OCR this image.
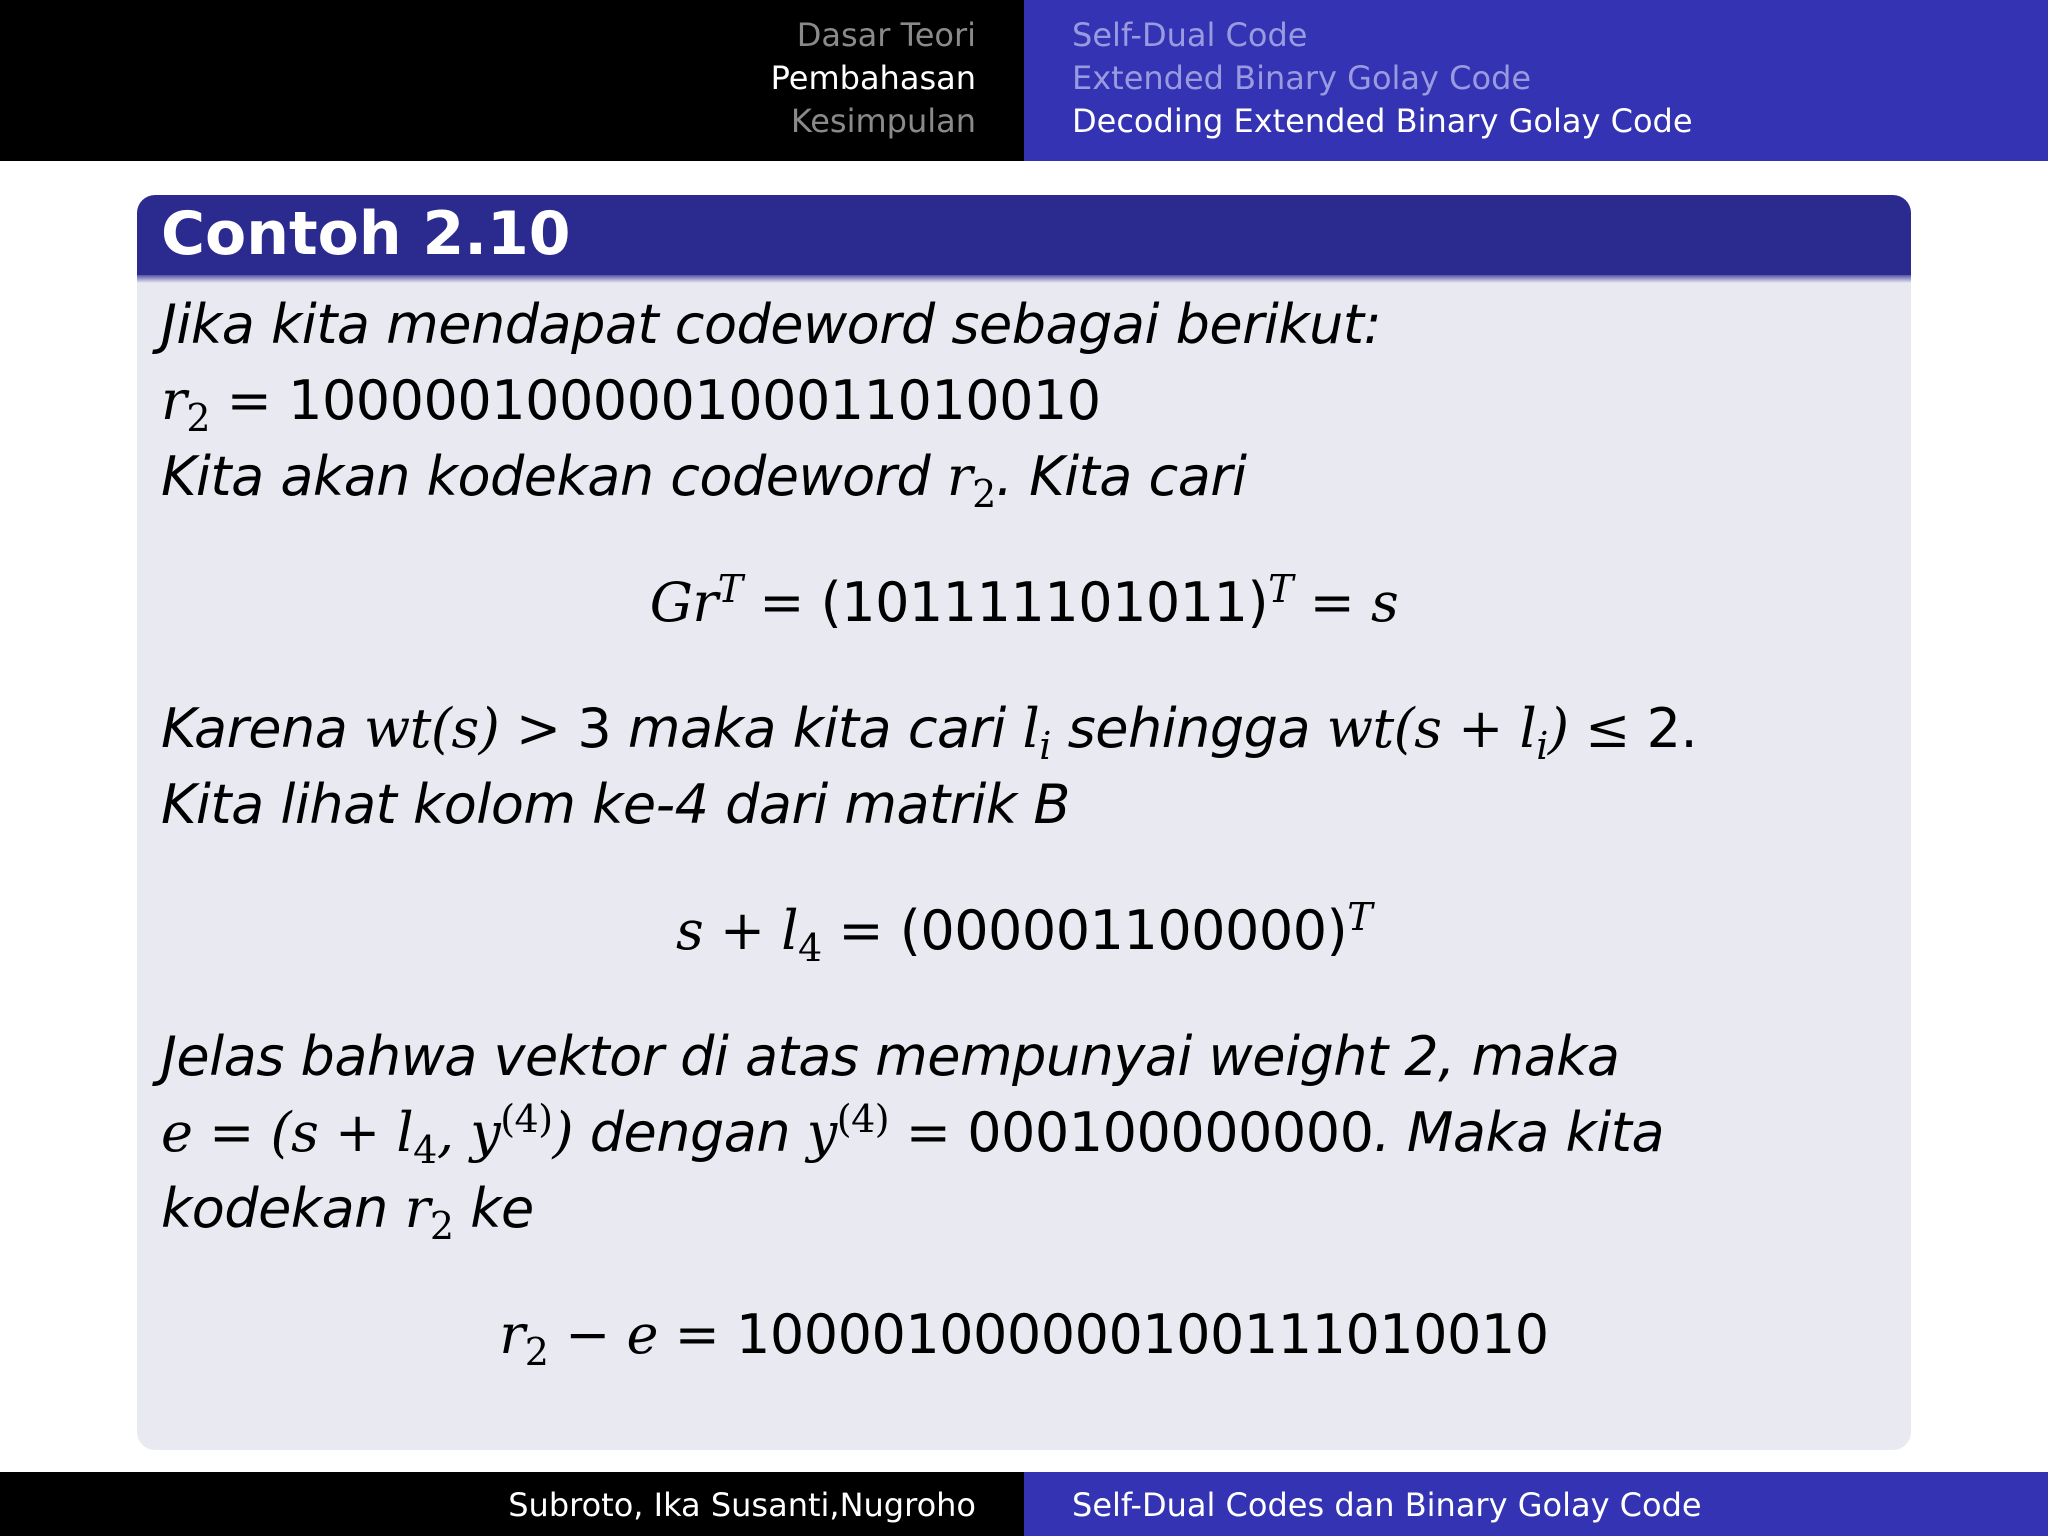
Dasar Teori
Pembahasan
Kesimpulan
Self-Dual Code
Extended Binary Golay Code
Decoding Extended Binary Golay Code
Contoh 2.10
Jika kita mendapat codeword sebagai berikut:
$r_2 = 100000100000100011010010$
Kita akan kodekan codeword $r_2$. Kita cari
$Gr^T = (101111101011)^T = s$
Karena wt(s) > 3 maka kita cari $l_i$ sehingga $wt(s + l_i) \le 2$.
Kita lihat kolom ke-4 dari matrik B
$s + l_4 = (000001100000)^T$
Jelas bahwa vektor di atas mempunyai weight 2, maka
$e = (s + l_4$, $y^{(4)}$) dengan $y^{(4)} = 000100000000$. Maka kita
kodekan $r_2$ ke
$r_2 - e = 100001000000100111010010$
Subroto, Ika Susanti,Nugroho	Self-Dual Codes dan Binary Golay Code
